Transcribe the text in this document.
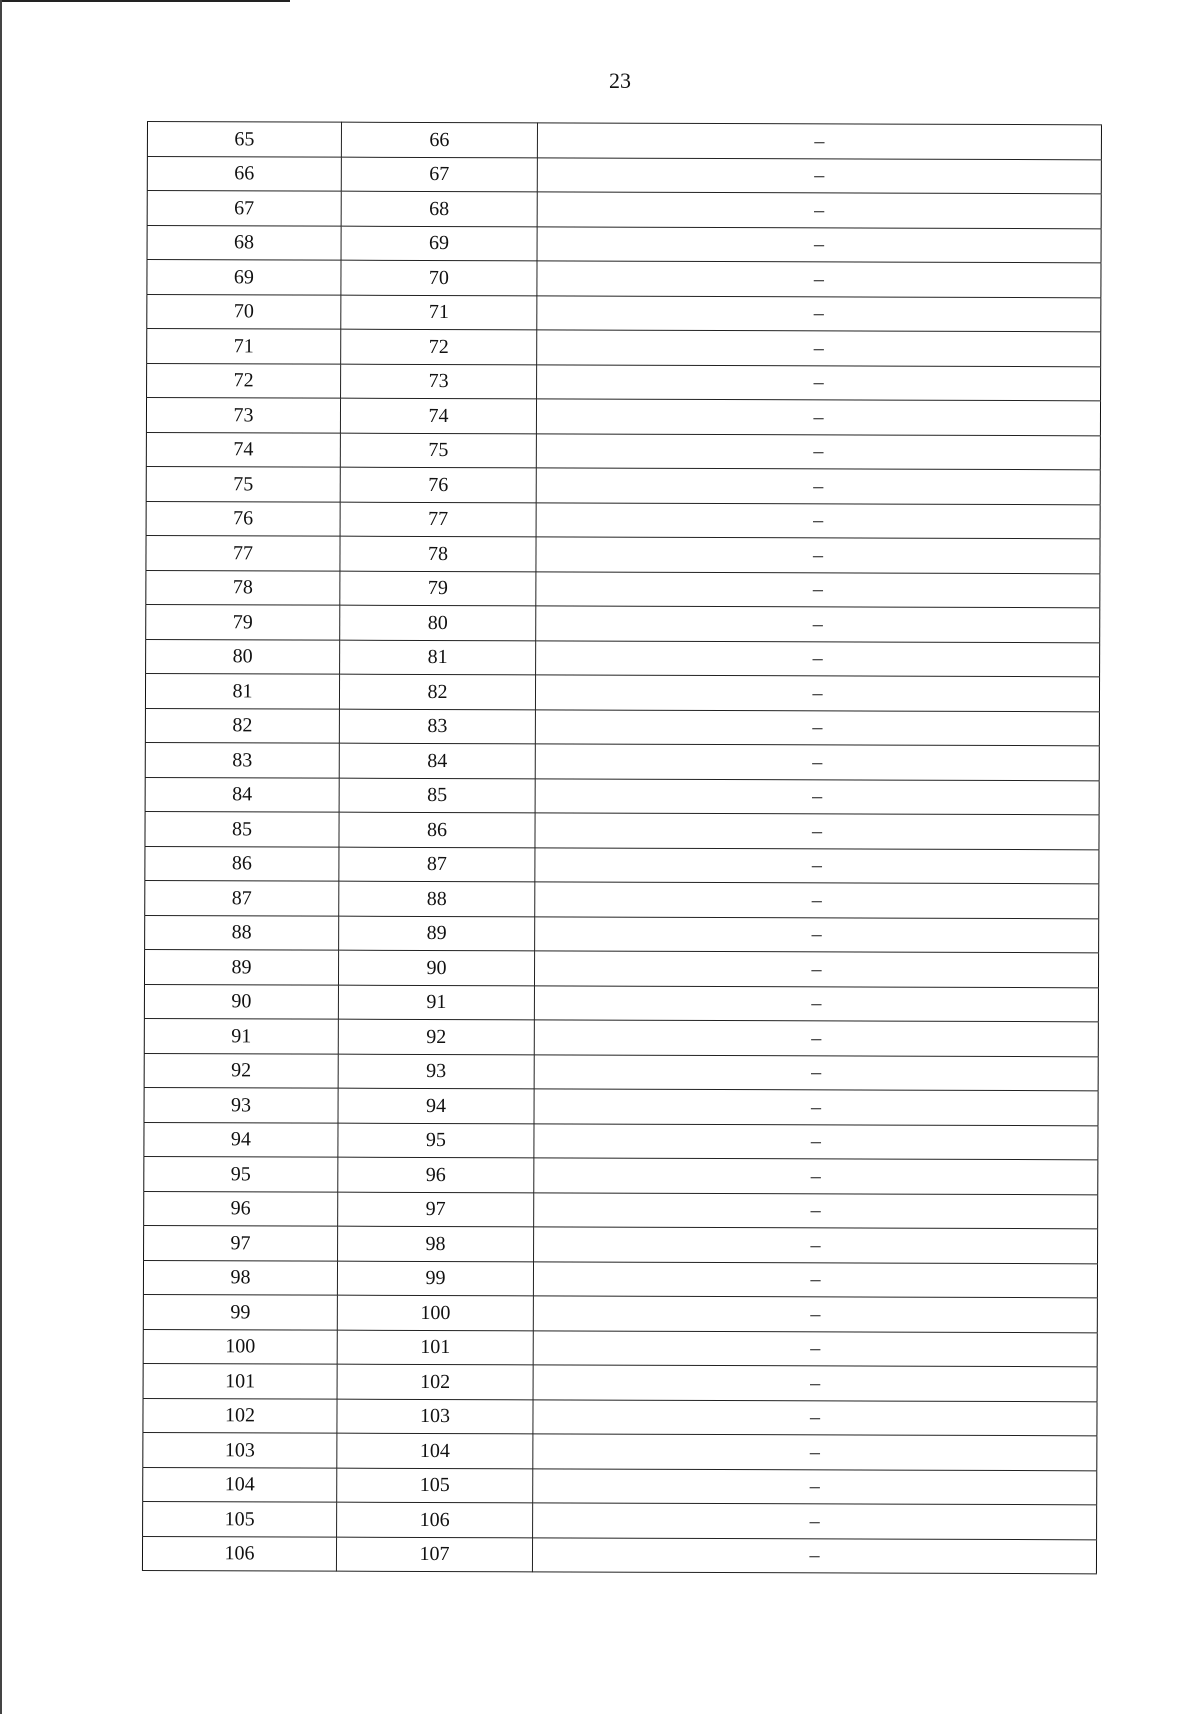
23
65	66	–
66	67	–
67	68	–
68	69	–
69	70	–
70	71	–
71	72	–
72	73	–
73	74	–
74	75	–
75	76	–
76	77	–
77	78	–
78	79	–
79	80	–
80	81	–
81	82	–
82	83	–
83	84	–
84	85	–
85	86	–
86	87	–
87	88	–
88	89	–
89	90	–
90	91	–
91	92	–
92	93	–
93	94	–
94	95	–
95	96	–
96	97	–
97	98	–
98	99	–
99	100	–
100	101	–
101	102	–
102	103	–
103	104	–
104	105	–
105	106	–
106	107	–
